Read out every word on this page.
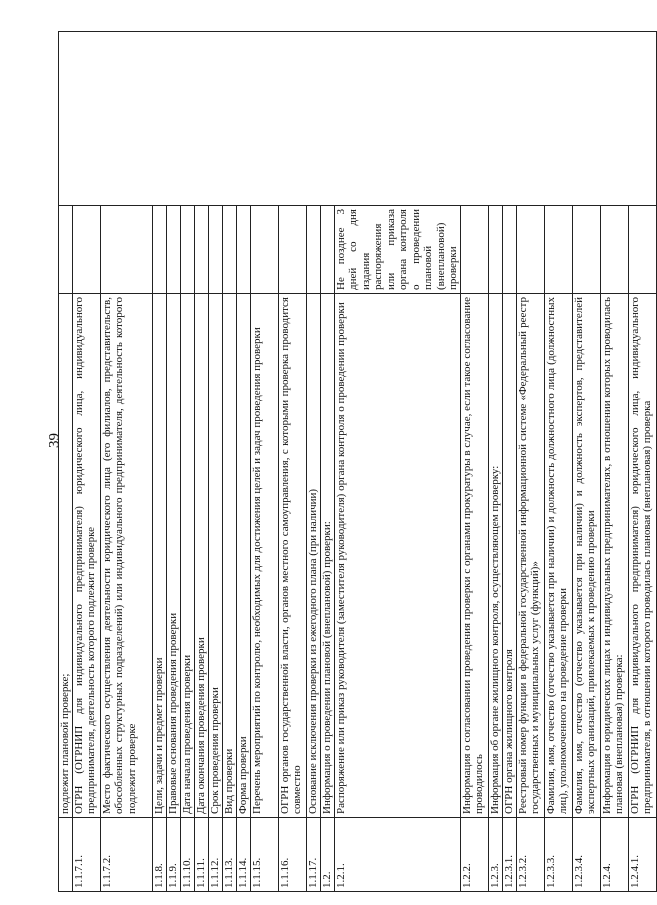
39
	подлежит плановой проверке;		
1.1.7.1.	ОГРН (ОГРНИП для индивидуального предпринимателя) юридического лица, индивидуального предпринимателя, деятельность которого подлежит проверке		
1.1.7.2.	Место фактического осуществления деятельности юридического лица (его филиалов, представительств, обособленных структурных подразделений) или индивидуального предпринимателя, деятельность которого подлежит проверке		
1.1.8.	Цели, задачи и предмет проверки		
1.1.9.	Правовые основания проведения проверки		
1.1.10.	Дата начала проведения проверки		
1.1.11.	Дата окончания проведения проверки		
1.1.12.	Срок проведения проверки		
1.1.13.	Вид проверки		
1.1.14.	Форма проверки		
1.1.15.	Перечень мероприятий по контролю, необходимых для достижения целей и задач проведения проверки		
1.1.16.	ОГРН органов государственной власти, органов местного самоуправления, с которыми проверка проводится совместно		
1.1.17.	Основание исключения проверки из ежегодного плана (при наличии)		
1.2.	Информация о проведении плановой (внеплановой) проверки:		
1.2.1.	Распоряжение или приказ руководителя (заместителя руководителя) органа контроля о проведении проверки	Не позднее 3 дней со дня издания распоряжения или приказа органа контроля о проведении плановой (внеплановой) проверки	
1.2.2.	Информация о согласовании проведения проверки с органами прокуратуры в случае, если такое согласование проводилось		
1.2.3.	Информация об органе жилищного контроля, осуществляющем проверку:		
1.2.3.1.	ОГРН органа жилищного контроля		
1.2.3.2.	Реестровый номер функции в федеральной государственной информационной системе «Федеральный реестр государственных и муниципальных услуг (функций)»		
1.2.3.3.	Фамилия, имя, отчество (отчество указывается при наличии) и должность должностного лица (должностных лиц), уполномоченного на проведение проверки		
1.2.3.4.	Фамилия, имя, отчество (отчество указывается при наличии) и должность экспертов, представителей экспертных организаций, привлекаемых к проведению проверки		
1.2.4.	Информация о юридических лицах и индивидуальных предпринимателях, в отношении которых проводилась плановая (внеплановая) проверка:		
1.2.4.1.	ОГРН (ОГРНИП для индивидуального предпринимателя) юридического лица, индивидуального предпринимателя, в отношении которого проводилась плановая (внеплановая) проверка		
